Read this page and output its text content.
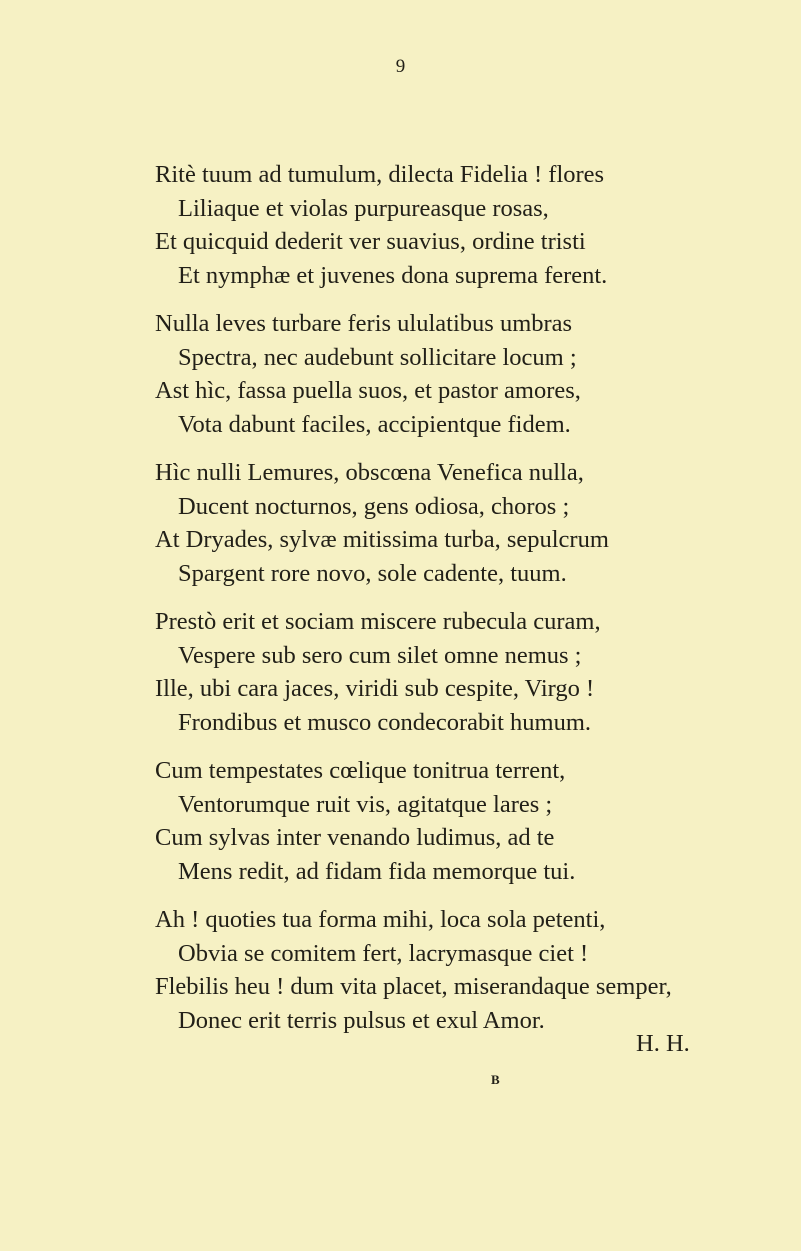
9
Ritè tuum ad tumulum, dilecta Fidelia ! flores
Liliaque et violas purpureasque rosas,
Et quicquid dederit ver suavius, ordine tristi
Et nymphæ et juvenes dona suprema ferent.
Nulla leves turbare feris ululatibus umbras
Spectra, nec audebunt sollicitare locum ;
Ast hìc, fassa puella suos, et pastor amores,
Vota dabunt faciles, accipientque fidem.
Hìc nulli Lemures, obscœna Venefica nulla,
Ducent nocturnos, gens odiosa, choros ;
At Dryades, sylvæ mitissima turba, sepulcrum
Spargent rore novo, sole cadente, tuum.
Prestò erit et sociam miscere rubecula curam,
Vespere sub sero cum silet omne nemus ;
Ille, ubi cara jaces, viridi sub cespite, Virgo !
Frondibus et musco condecorabit humum.
Cum tempestates cœlique tonitrua terrent,
Ventorumque ruit vis, agitatque lares ;
Cum sylvas inter venando ludimus, ad te
Mens redit, ad fidam fida memorque tui.
Ah ! quoties tua forma mihi, loca sola petenti,
Obvia se comitem fert, lacrymasque ciet !
Flebilis heu ! dum vita placet, miserandaque semper,
Donec erit terris pulsus et exul Amor.
H. H.
B
